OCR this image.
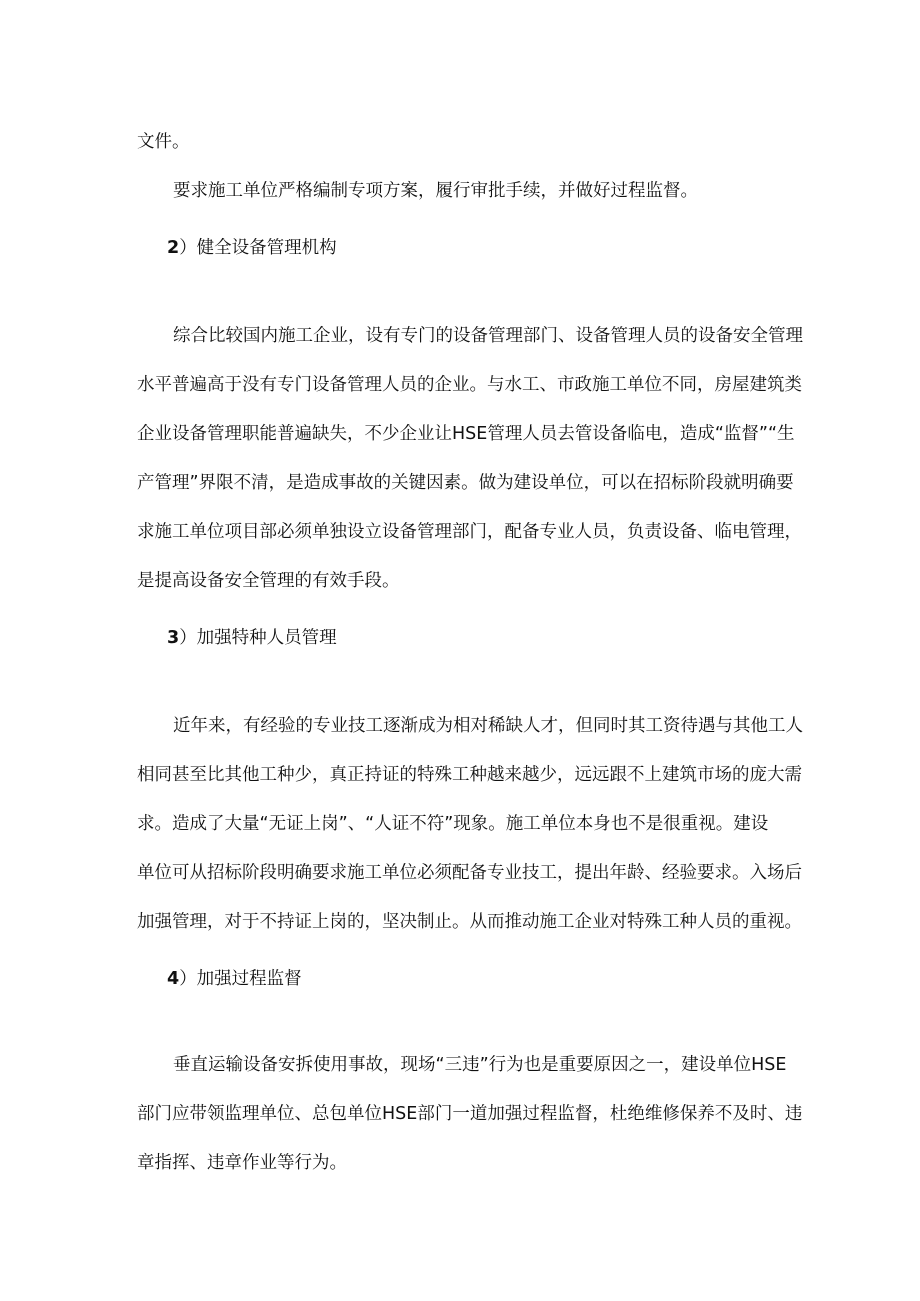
文件。
要求施工单位严格编制专项方案，履行审批手续，并做好过程监督。
2）健全设备管理机构
综合比较国内施工企业，设有专门的设备管理部门、设备管理人员的设备安全管理
水平普遍高于没有专门设备管理人员的企业。与水工、市政施工单位不同，房屋建筑类
企业设备管理职能普遍缺失，不少企业让HSE管理人员去管设备临电，造成“监督”“生
产管理”界限不清，是造成事故的关键因素。做为建设单位，可以在招标阶段就明确要
求施工单位项目部必须单独设立设备管理部门，配备专业人员，负责设备、临电管理，
是提高设备安全管理的有效手段。
3）加强特种人员管理
近年来，有经验的专业技工逐渐成为相对稀缺人才，但同时其工资待遇与其他工人
相同甚至比其他工种少，真正持证的特殊工种越来越少，远远跟不上建筑市场的庞大需
求。造成了大量“无证上岗”、“人证不符”现象。施工单位本身也不是很重视。建设
单位可从招标阶段明确要求施工单位必须配备专业技工，提出年龄、经验要求。入场后
加强管理，对于不持证上岗的，坚决制止。从而推动施工企业对特殊工种人员的重视。
4）加强过程监督
垂直运输设备安拆使用事故，现场“三违”行为也是重要原因之一，建设单位HSE
部门应带领监理单位、总包单位HSE部门一道加强过程监督，杜绝维修保养不及时、违
章指挥、违章作业等行为。
